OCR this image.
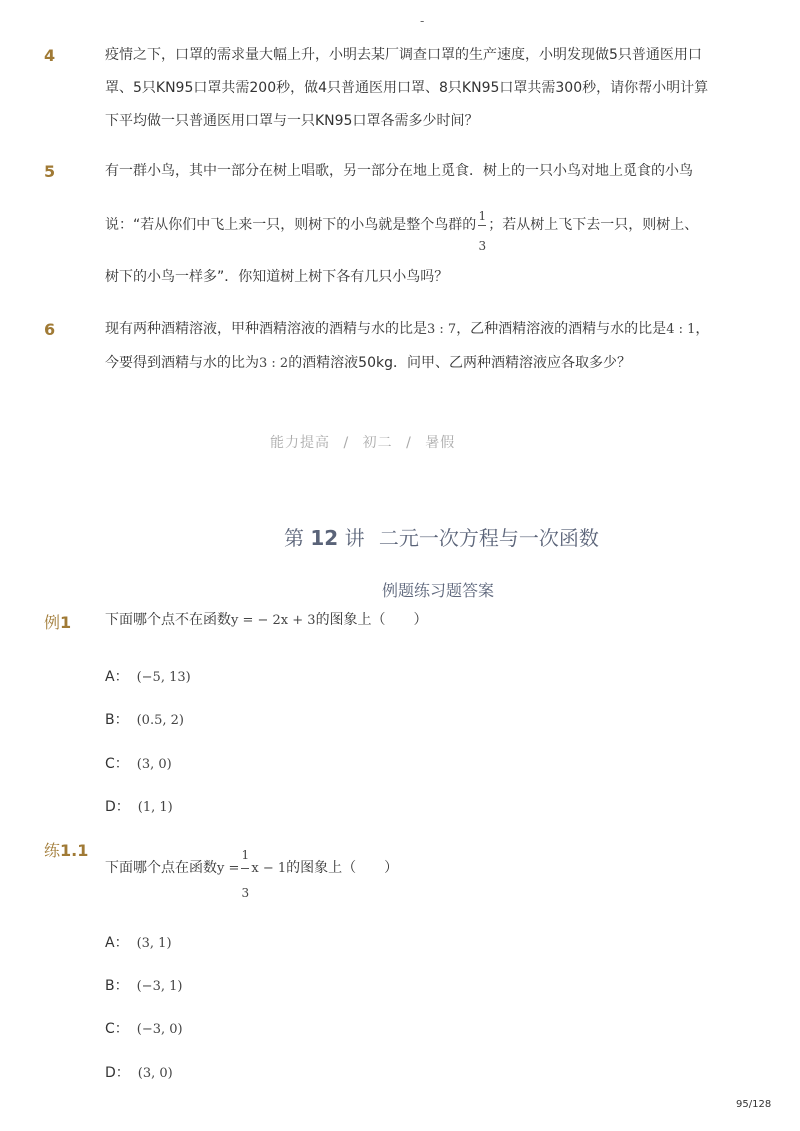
-
4	疫情之下，口罩的需求量大幅上升，小明去某厂调查口罩的生产速度，小明发现做5只普通医用口
罩、5只KN95口罩共需200秒，做4只普通医用口罩、8只KN95口罩共需300秒，请你帮小明计算
下平均做一只普通医用口罩与一只KN95口罩各需多少时间？
5	有一群小鸟，其中一部分在树上唱歌，另一部分在地上觅食．树上的一只小鸟对地上觅食的小鸟
说：“若从你们中飞上来一只，则树下的小鸟就是整个鸟群的 $\frac{1}{3}$ ；若从树上飞下去一只，则树上、
树下的小鸟一样多”．你知道树上树下各有几只小鸟吗？
6	现有两种酒精溶液，甲种酒精溶液的酒精与水的比是3 : 7，乙种酒精溶液的酒精与水的比是4 : 1，
今要得到酒精与水的比为3 : 2的酒精溶液50kg．问甲、乙两种酒精溶液应各取多少？
能力提高 / 初二 / 暑假
第 12 讲 二元一次方程与一次函数
例题练习题答案
例1 下面哪个点不在函数y = − 2x + 3的图象上（　　）
A： (−5, 13)
B： (0.5, 2)
C： (3, 0)
D： (1, 1)
练1.1
下面哪个点在函数$y = \frac{1}{3}$ x − 1的图象上（　　）
A： (3, 1)
B： (−3, 1)
C： (−3, 0)
D： (3, 0)
95/128
